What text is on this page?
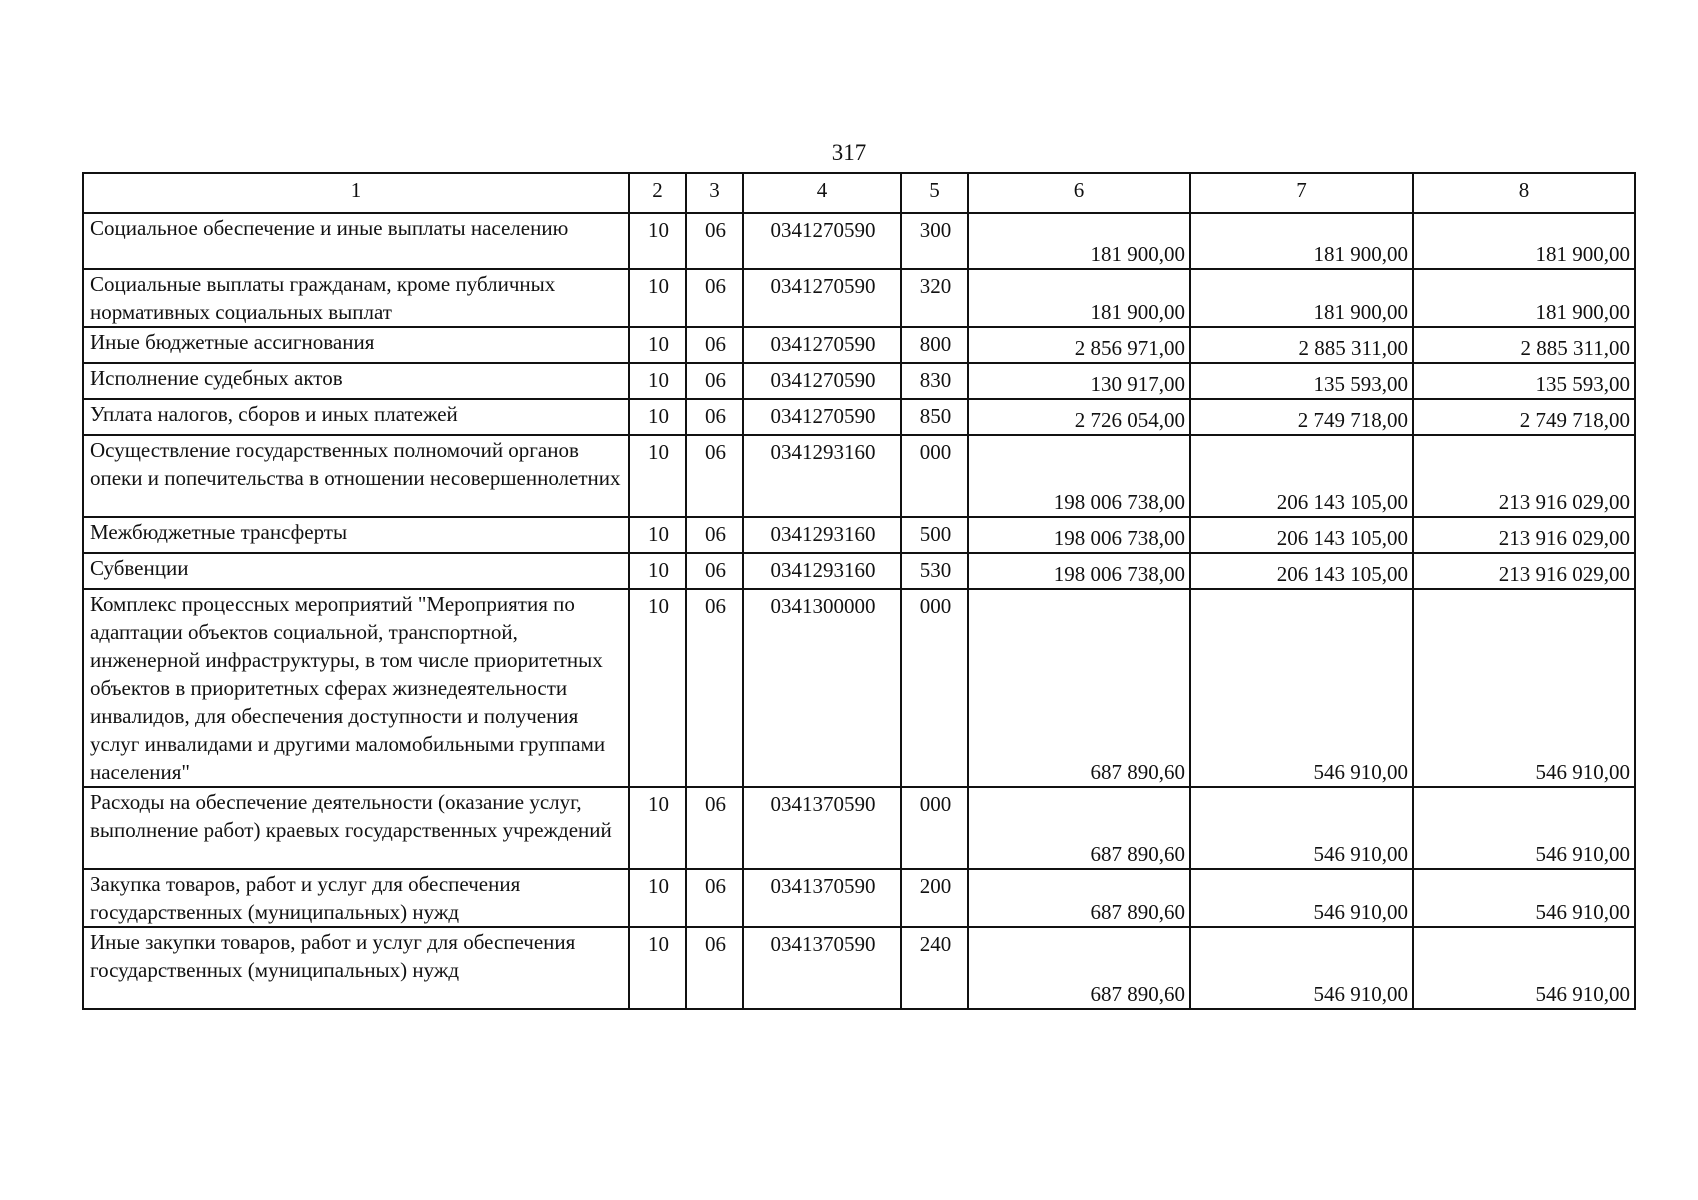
317
1	2	3	4	5	6	7	8
Социальное обеспечение и иные выплаты населению	10	06	0341270590	300	181 900,00	181 900,00	181 900,00
Социальные выплаты гражданам, кроме публичных нормативных социальных выплат	10	06	0341270590	320	181 900,00	181 900,00	181 900,00
Иные бюджетные ассигнования	10	06	0341270590	800	2 856 971,00	2 885 311,00	2 885 311,00
Исполнение судебных актов	10	06	0341270590	830	130 917,00	135 593,00	135 593,00
Уплата налогов, сборов и иных платежей	10	06	0341270590	850	2 726 054,00	2 749 718,00	2 749 718,00
Осуществление государственных полномочий органов опеки и попечительства в отношении несовершеннолетних	10	06	0341293160	000	198 006 738,00	206 143 105,00	213 916 029,00
Межбюджетные трансферты	10	06	0341293160	500	198 006 738,00	206 143 105,00	213 916 029,00
Субвенции	10	06	0341293160	530	198 006 738,00	206 143 105,00	213 916 029,00
Комплекс процессных мероприятий "Мероприятия по адаптации объектов социальной, транспортной, инженерной инфраструктуры, в том числе приоритетных объектов в приоритетных сферах жизнедеятельности инвалидов, для обеспечения доступности и получения услуг инвалидами и другими маломобильными группами населения"	10	06	0341300000	000	687 890,60	546 910,00	546 910,00
Расходы на обеспечение деятельности (оказание услуг, выполнение работ) краевых государственных учреждений	10	06	0341370590	000	687 890,60	546 910,00	546 910,00
Закупка товаров, работ и услуг для обеспечения государственных (муниципальных) нужд	10	06	0341370590	200	687 890,60	546 910,00	546 910,00
Иные закупки товаров, работ и услуг для обеспечения государственных (муниципальных) нужд	10	06	0341370590	240	687 890,60	546 910,00	546 910,00
